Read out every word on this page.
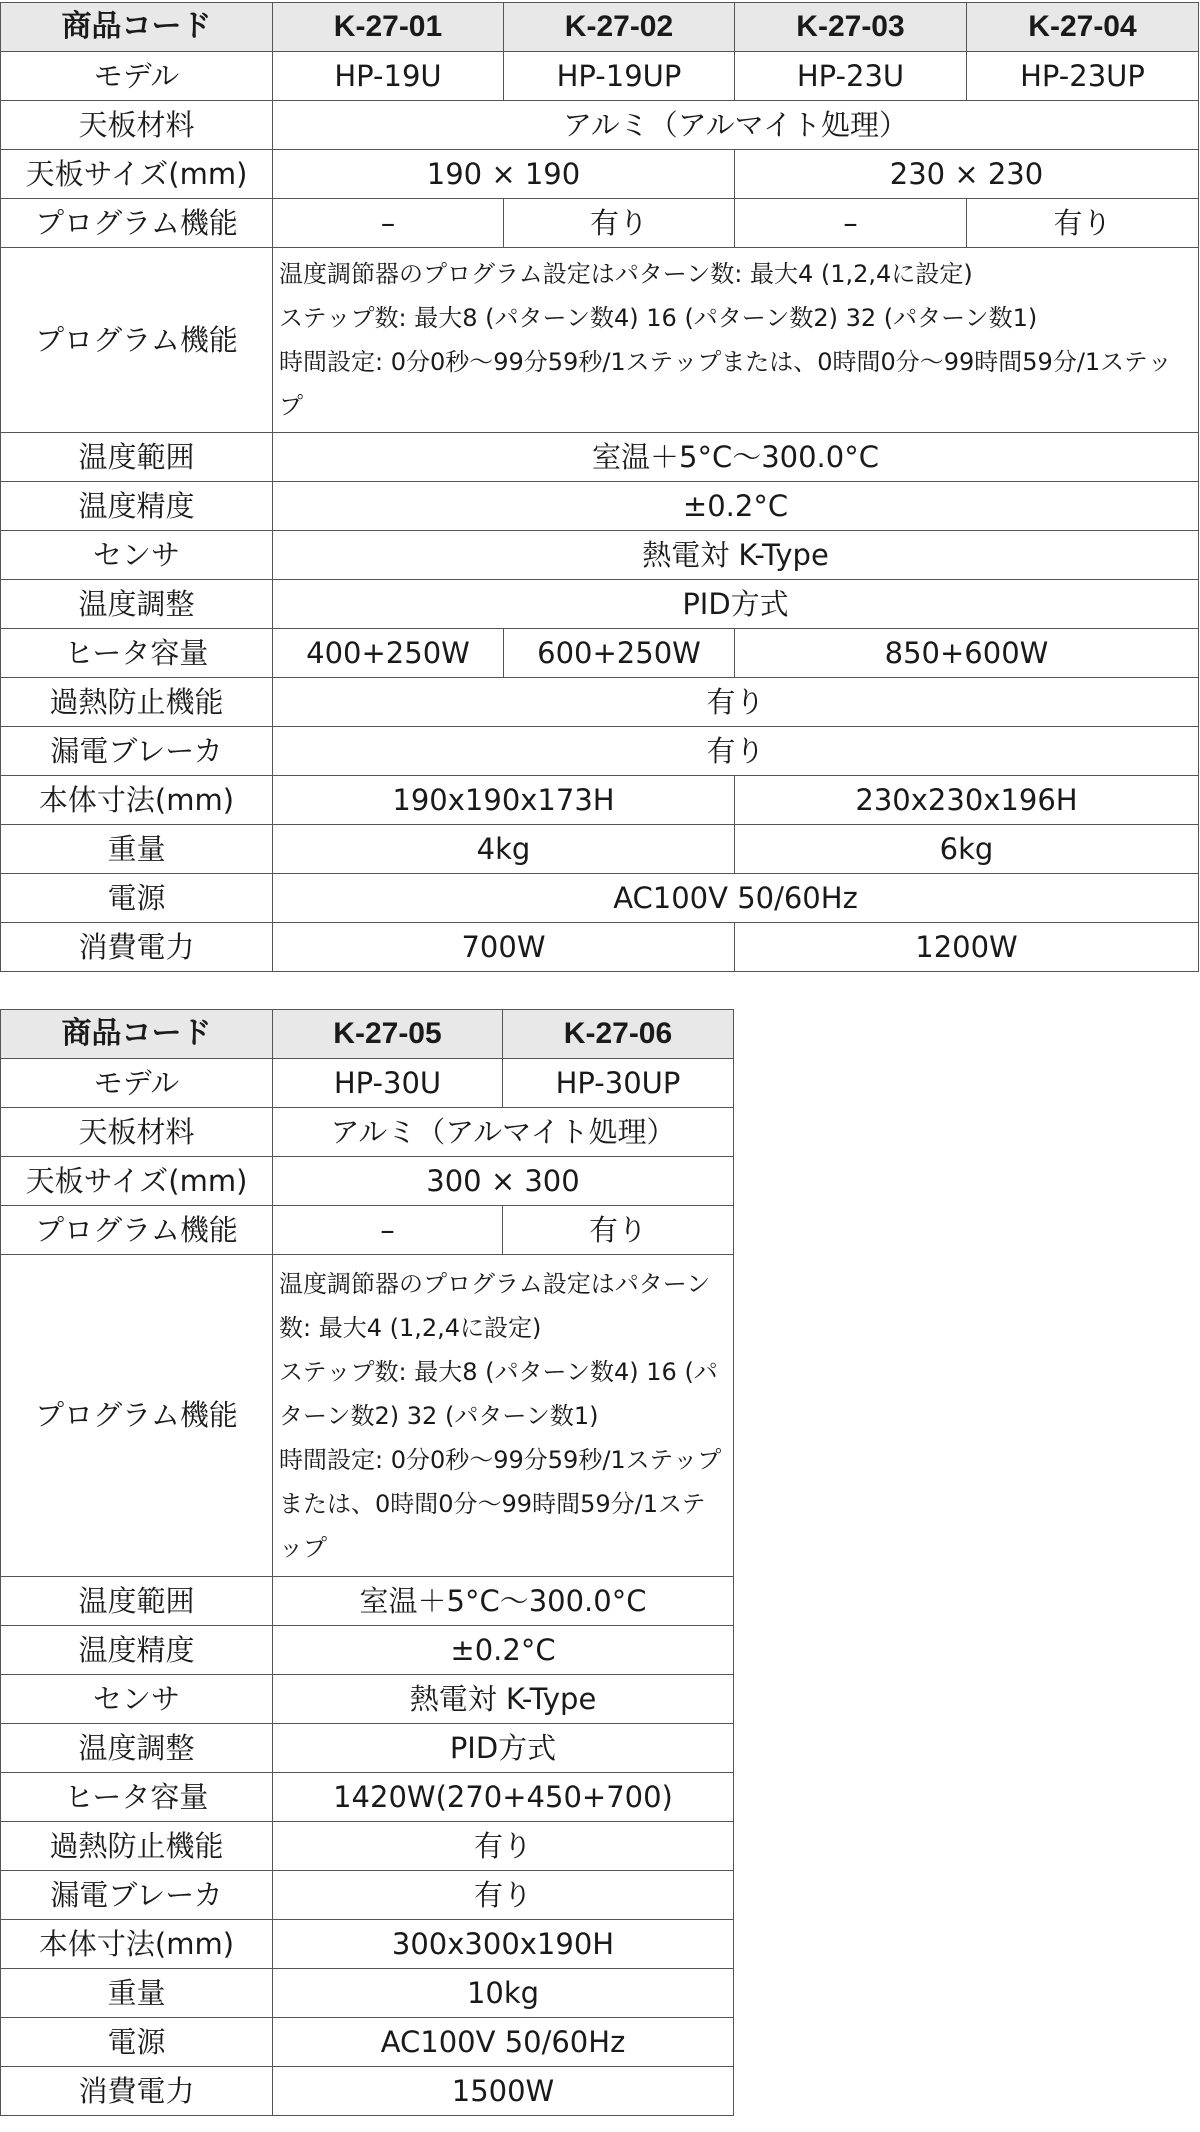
商品コード	K-27-01	K-27-02	K-27-03	K-27-04
モデル	HP-19U	HP-19UP	HP-23U	HP-23UP
天板材料	アルミ（アルマイト処理）			
天板サイズ(mm)	190 × 190		230 × 230	
プログラム機能	–	有り	–	有り
プログラム機能	温度調節器のプログラム設定はパターン数: 最大4 (1,2,4に設定)
ステップ数: 最大8 (パターン数4) 16 (パターン数2) 32 (パターン数1)
時間設定: 0分0秒〜99分59秒/1ステップまたは、0時間0分〜99時間59分/1ステップ			

温度範囲	室温＋5°C〜300.0°C			
温度精度	±0.2°C			
センサ	熱電対 K-Type			
温度調整	PID方式			
ヒータ容量	400+250W	600+250W	850+600W	
過熱防止機能	有り			
漏電ブレーカ	有り			
本体寸法(mm)	190x190x173H		230x230x196H	
重量	4kg		6kg	
電源	AC100V 50/60Hz			
消費電力	700W		1200W	
商品コード	K-27-05	K-27-06
モデル	HP-30U	HP-30UP
天板材料	アルミ（アルマイト処理）	
天板サイズ(mm)	300 × 300	
プログラム機能	–	有り
プログラム機能	温度調節器のプログラム設定はパターン数: 最大4 (1,2,4に設定)
ステップ数: 最大8 (パターン数4) 16 (パターン数2) 32 (パターン数1)
時間設定: 0分0秒〜99分59秒/1ステップまたは、0時間0分〜99時間59分/1ステップ	

温度範囲	室温＋5°C〜300.0°C	
温度精度	±0.2°C	
センサ	熱電対 K-Type	
温度調整	PID方式	
ヒータ容量	1420W(270+450+700)	
過熱防止機能	有り	
漏電ブレーカ	有り	
本体寸法(mm)	300x300x190H	
重量	10kg	
電源	AC100V 50/60Hz	
消費電力	1500W	
